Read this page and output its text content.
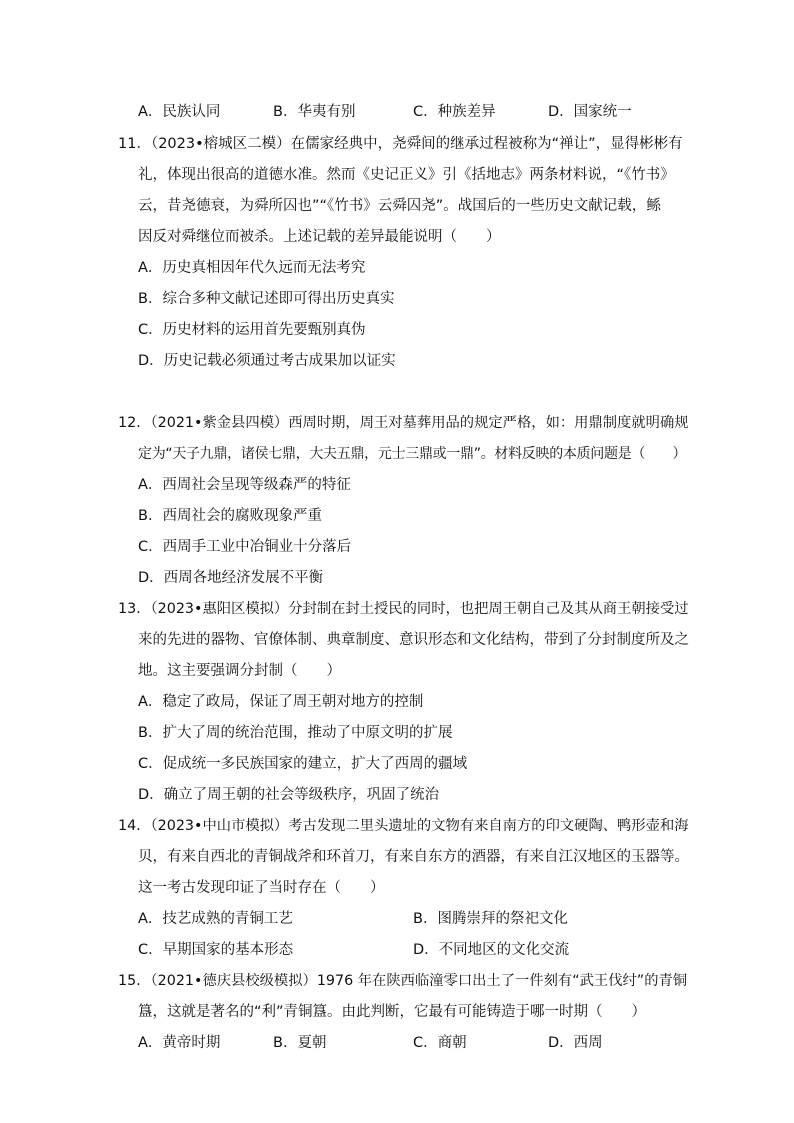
A．民族认同	B．华夷有别	C．种族差异	D．国家统一
11．（2023•榕城区二模）在儒家经典中，尧舜间的继承过程被称为“禅让”，显得彬彬有
礼，体现出很高的道德水准。然而《史记正义》引《括地志》两条材料说，“《竹书》
云，昔尧德衰，为舜所囚也”“《竹书》云舜囚尧”。战国后的一些历史文献记载，鲧
因反对舜继位而被杀。上述记载的差异最能说明（　　）
A．历史真相因年代久远而无法考究
B．综合多种文献记述即可得出历史真实
C．历史材料的运用首先要甄别真伪
D．历史记载必须通过考古成果加以证实
12．（2021•紫金县四模）西周时期，周王对墓葬用品的规定严格，如：用鼎制度就明确规
定为“天子九鼎，诸侯七鼎，大夫五鼎，元士三鼎或一鼎”。材料反映的本质问题是（　　）
A．西周社会呈现等级森严的特征
B．西周社会的腐败现象严重
C．西周手工业中冶铜业十分落后
D．西周各地经济发展不平衡
13．（2023•惠阳区模拟）分封制在封土授民的同时，也把周王朝自己及其从商王朝接受过
来的先进的器物、官僚体制、典章制度、意识形态和文化结构，带到了分封制度所及之
地。这主要强调分封制（　　）
A．稳定了政局，保证了周王朝对地方的控制
B．扩大了周的统治范围，推动了中原文明的扩展
C．促成统一多民族国家的建立，扩大了西周的疆域
D．确立了周王朝的社会等级秩序，巩固了统治
14．（2023•中山市模拟）考古发现二里头遗址的文物有来自南方的印文硬陶、鸭形壶和海
贝，有来自西北的青铜战斧和环首刀，有来自东方的酒器，有来自江汉地区的玉器等。
这一考古发现印证了当时存在（　　）
A．技艺成熟的青铜工艺	B．图腾崇拜的祭祀文化
C．早期国家的基本形态	D．不同地区的文化交流
15．（2021•德庆县校级模拟）1976 年在陕西临潼零口出土了一件刻有“武王伐纣”的青铜
簋，这就是著名的“利”青铜簋。由此判断，它最有可能铸造于哪一时期（　　）
A．黄帝时期	B．夏朝	C．商朝	D．西周
